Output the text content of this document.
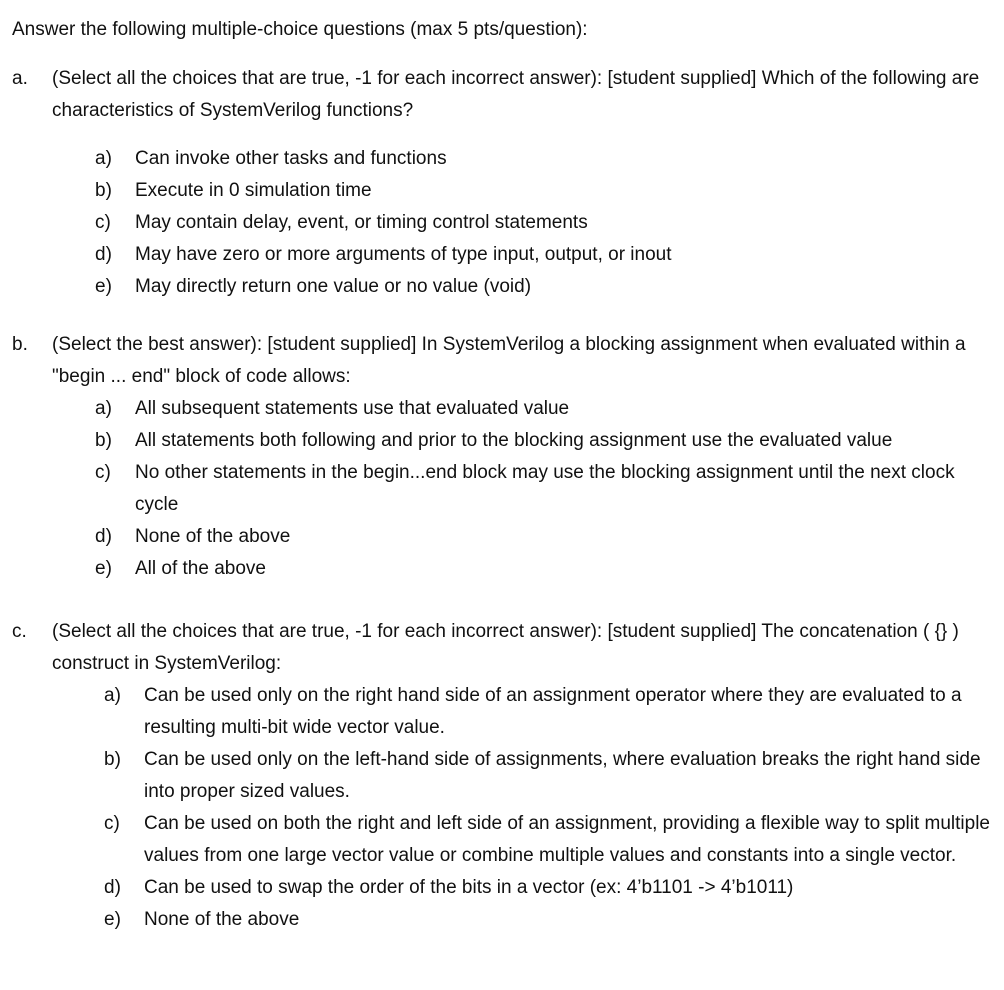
Answer the following multiple-choice questions (max 5 pts/question):
a. (Select all the choices that are true, -1 for each incorrect answer): [student supplied] Which of the following are characteristics of SystemVerilog functions?
a) Can invoke other tasks and functions
b) Execute in 0 simulation time
c) May contain delay, event, or timing control statements
d) May have zero or more arguments of type input, output, or inout
e) May directly return one value or no value (void)
b. (Select the best answer): [student supplied] In SystemVerilog a blocking assignment when evaluated within a "begin ... end" block of code allows:
a) All subsequent statements use that evaluated value
b) All statements both following and prior to the blocking assignment use the evaluated value
c) No other statements in the begin...end block may use the blocking assignment until the next clock cycle
d) None of the above
e) All of the above
c. (Select all the choices that are true, -1 for each incorrect answer): [student supplied] The concatenation ( {} ) construct in SystemVerilog:
a) Can be used only on the right hand side of an assignment operator where they are evaluated to a resulting multi-bit wide vector value.
b) Can be used only on the left-hand side of assignments, where evaluation breaks the right hand side into proper sized values.
c) Can be used on both the right and left side of an assignment, providing a flexible way to split multiple values from one large vector value or combine multiple values and constants into a single vector.
d) Can be used to swap the order of the bits in a vector (ex: 4’b1101 -> 4’b1011)
e) None of the above
